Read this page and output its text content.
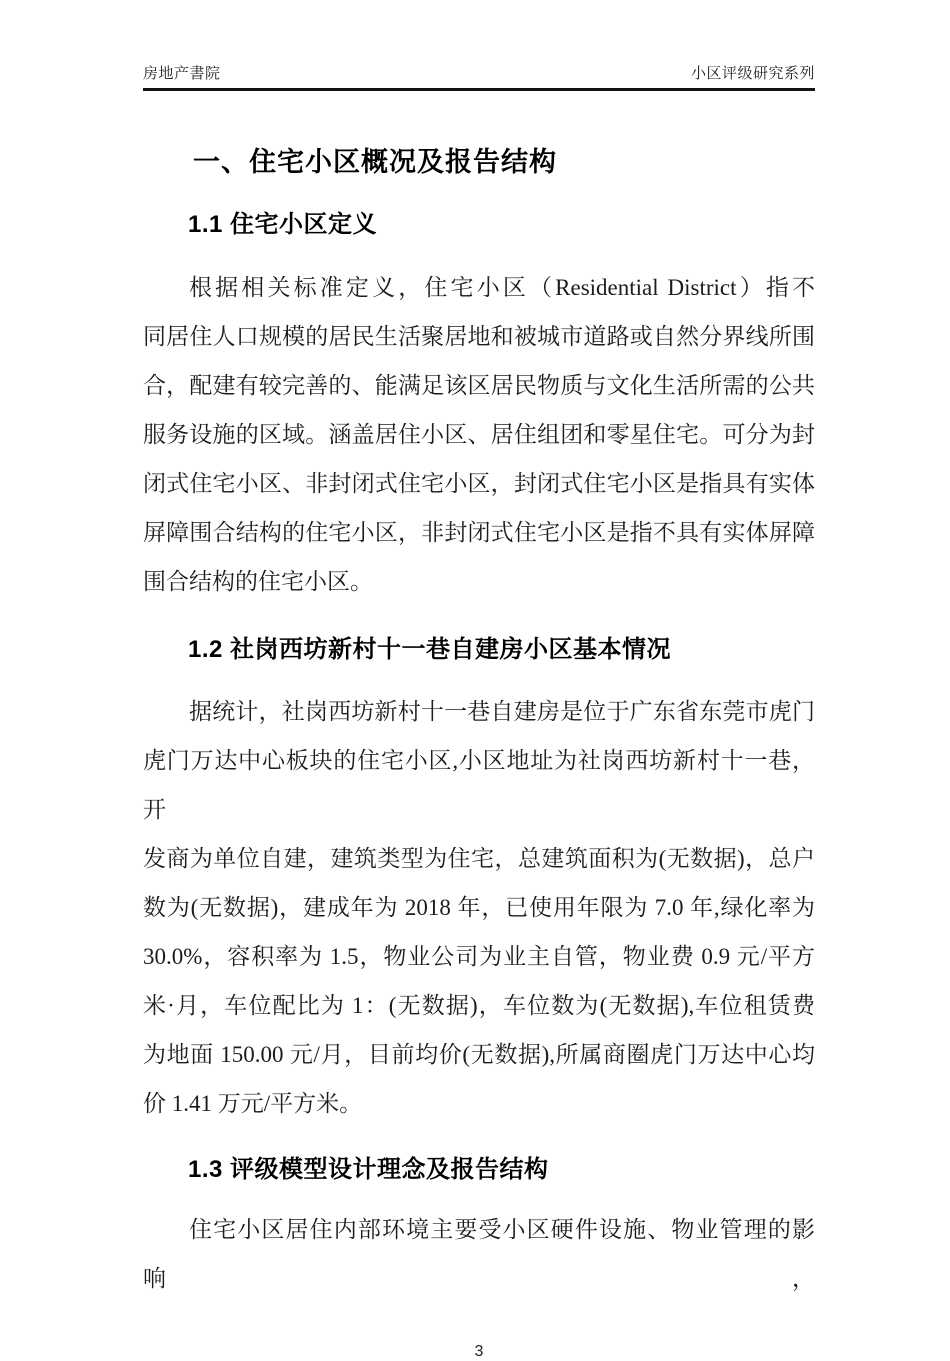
房地产書院	小区评级研究系列
一、住宅小区概况及报告结构
1.1 住宅小区定义
根据相关标准定义，住宅小区（Residential District）指不
同居住人口规模的居民生活聚居地和被城市道路或自然分界线所围
合，配建有较完善的、能满足该区居民物质与文化生活所需的公共
服务设施的区域。涵盖居住小区、居住组团和零星住宅。可分为封
闭式住宅小区、非封闭式住宅小区，封闭式住宅小区是指具有实体
屏障围合结构的住宅小区，非封闭式住宅小区是指不具有实体屏障
围合结构的住宅小区。
1.2 社岗西坊新村十一巷自建房小区基本情况
据统计，社岗西坊新村十一巷自建房是位于广东省东莞市虎门
虎门万达中心板块的住宅小区,小区地址为社岗西坊新村十一巷，开
发商为单位自建，建筑类型为住宅，总建筑面积为(无数据)，总户
数为(无数据)，建成年为 2018 年，已使用年限为 7.0 年,绿化率为
30.0%，容积率为 1.5，物业公司为业主自管，物业费 0.9 元/平方
米·月，车位配比为 1：(无数据)，车位数为(无数据),车位租赁费
为地面 150.00 元/月，目前均价(无数据),所属商圈虎门万达中心均
价 1.41 万元/平方米。
1.3 评级模型设计理念及报告结构
住宅小区居住内部环境主要受小区硬件设施、物业管理的影响，
3
